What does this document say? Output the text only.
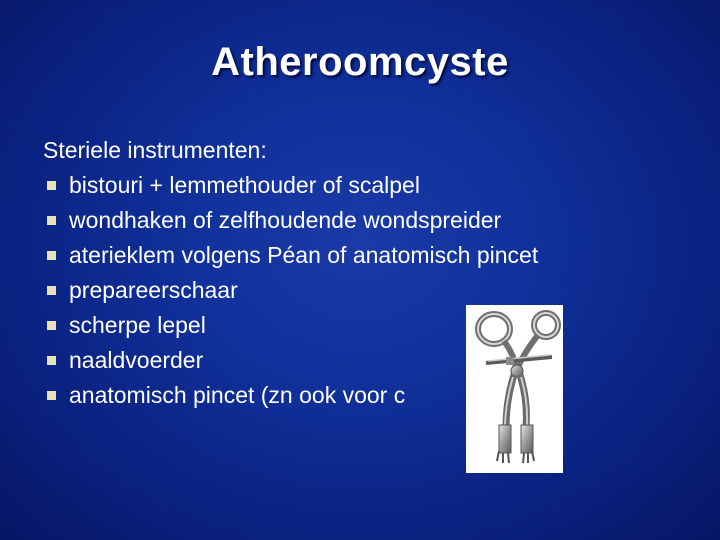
Atheroomcyste
Steriele instrumenten:
bistouri + lemmethouder of scalpel
wondhaken of zelfhoudende wondspreider
aterieklem volgens Péan of anatomisch pincet
prepareerschaar
scherpe lepel
naaldvoerder
anatomisch pincet (zn ook voor c
